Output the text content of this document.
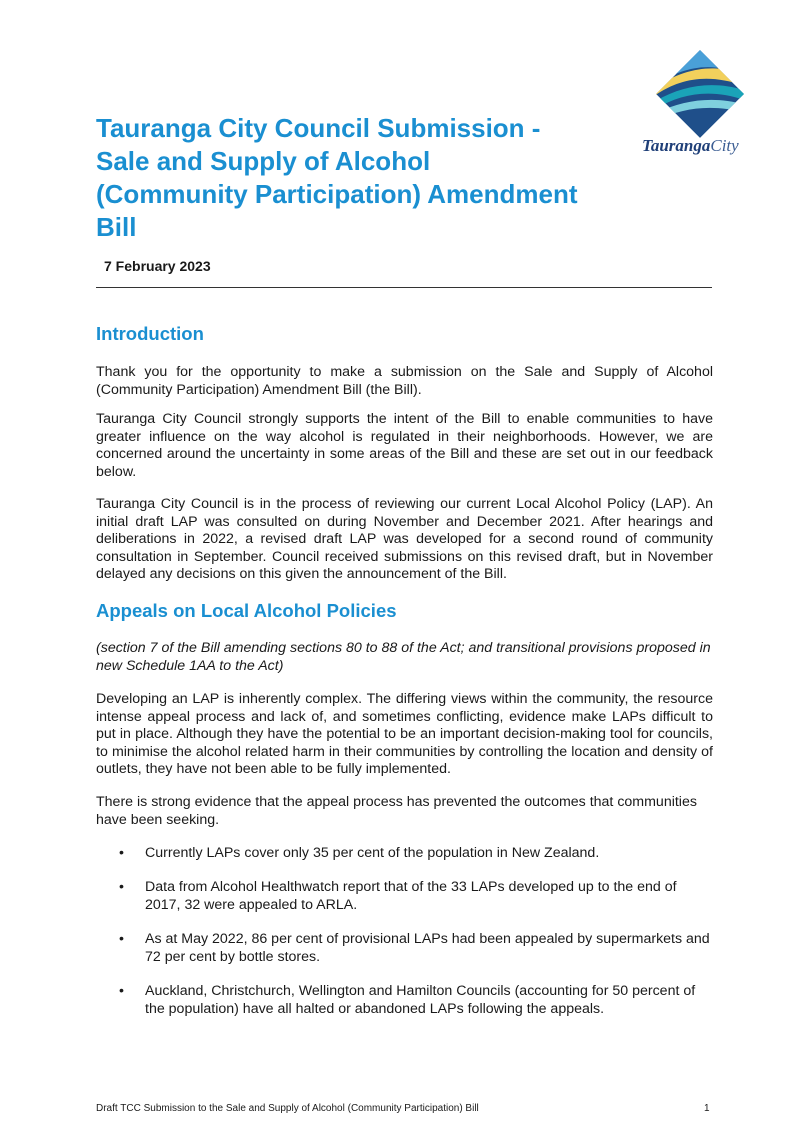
TaurangaCity
Tauranga City Council Submission -
Sale and Supply of Alcohol
(Community Participation) Amendment
Bill
7 February 2023
Introduction

Thank you for the opportunity to make a submission on the Sale and Supply of Alcohol (Community Participation) Amendment Bill (the Bill).

Tauranga City Council strongly supports the intent of the Bill to enable communities to have greater influence on the way alcohol is regulated in their neighborhoods. However, we are concerned around the uncertainty in some areas of the Bill and these are set out in our feedback below.

Tauranga City Council is in the process of reviewing our current Local Alcohol Policy (LAP). An initial draft LAP was consulted on during November and December 2021. After hearings and deliberations in 2022, a revised draft LAP was developed for a second round of community consultation in September. Council received submissions on this revised draft, but in November delayed any decisions on this given the announcement of the Bill.

Appeals on Local Alcohol Policies

(section 7 of the Bill amending sections 80 to 88 of the Act; and transitional provisions proposed in new Schedule 1AA to the Act)

Developing an LAP is inherently complex. The differing views within the community, the resource intense appeal process and lack of, and sometimes conflicting, evidence make LAPs difficult to put in place. Although they have the potential to be an important decision-making tool for councils, to minimise the alcohol related harm in their communities by controlling the location and density of outlets, they have not been able to be fully implemented.

There is strong evidence that the appeal process has prevented the outcomes that communities have been seeking.

• Currently LAPs cover only 35 per cent of the population in New Zealand.
• Data from Alcohol Healthwatch report that of the 33 LAPs developed up to the end of 2017, 32 were appealed to ARLA.
• As at May 2022, 86 per cent of provisional LAPs had been appealed by supermarkets and 72 per cent by bottle stores.
• Auckland, Christchurch, Wellington and Hamilton Councils (accounting for 50 percent of the population) have all halted or abandoned LAPs following the appeals.
Draft TCC Submission to the Sale and Supply of Alcohol (Community Participation) Bill	1
